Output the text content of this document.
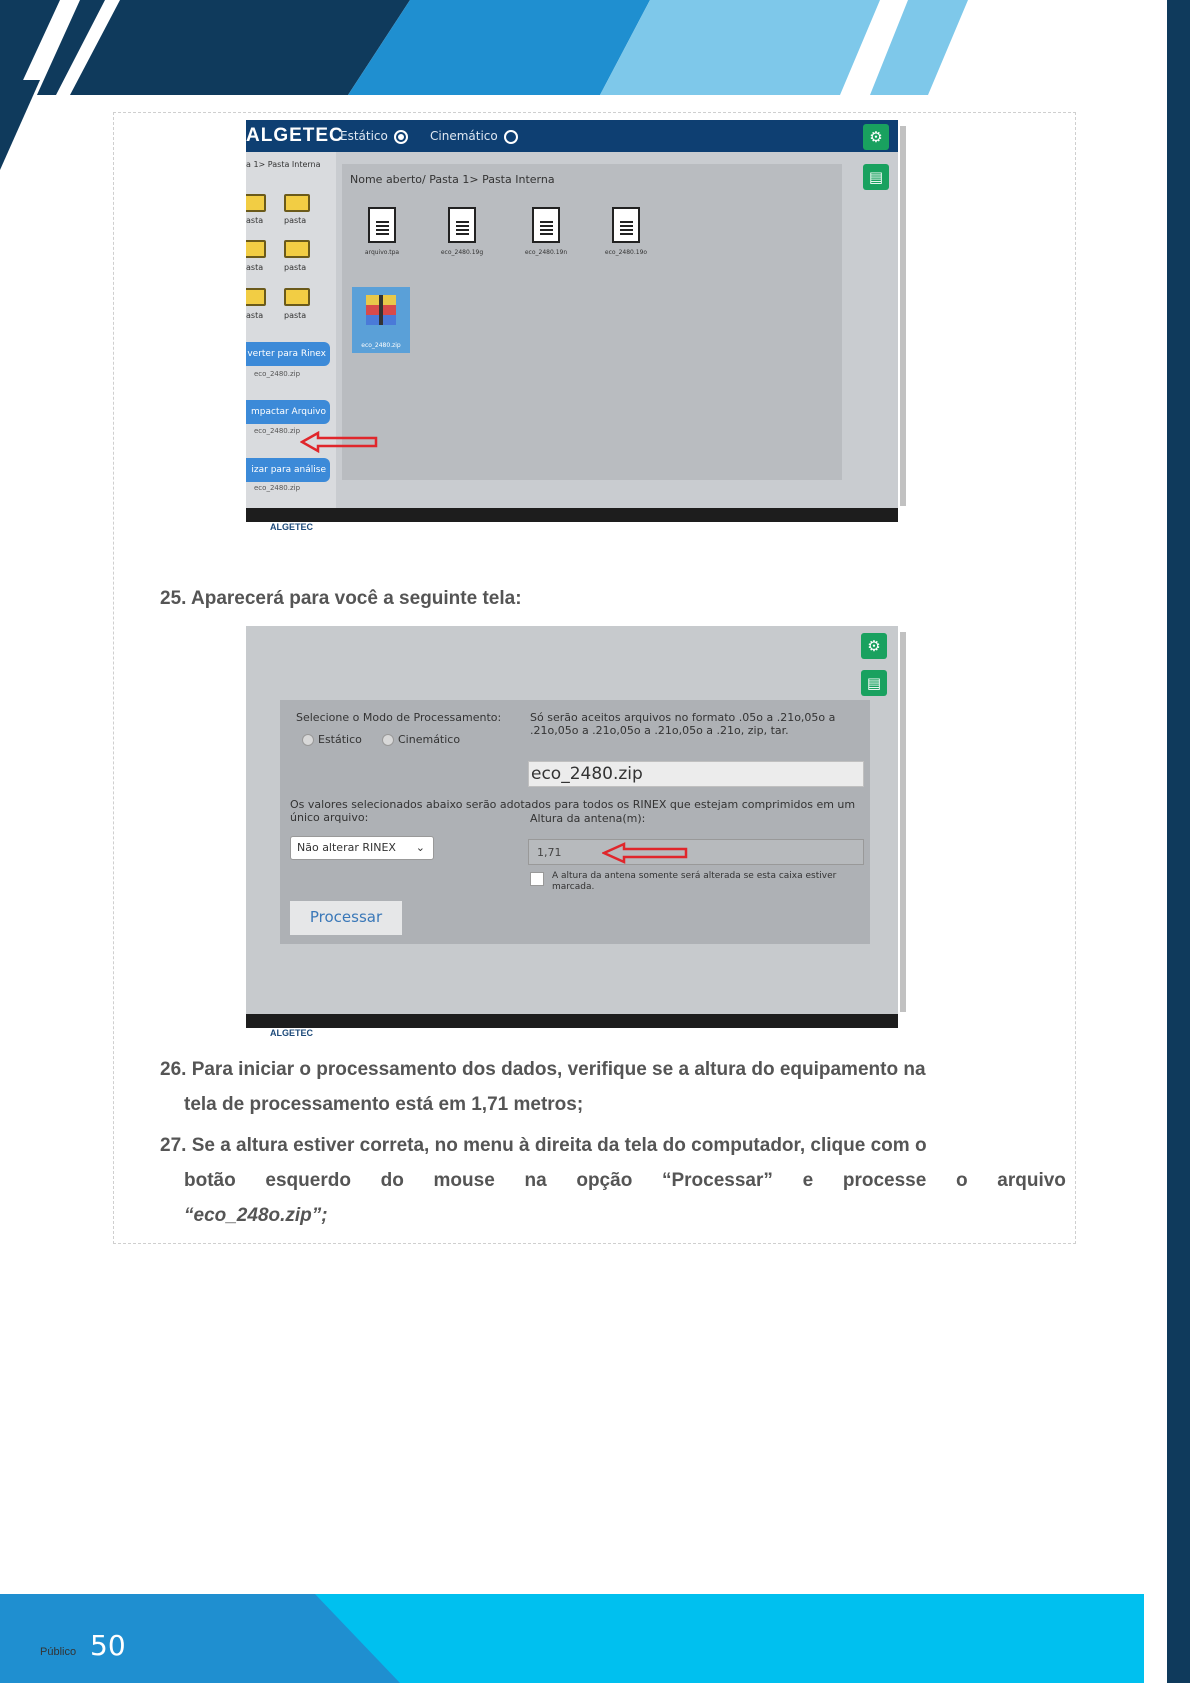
ALGETEC
Estático	Cinemático	⚙
▤
a 1> Pasta Interna
asta	pasta
asta	pasta
asta	pasta
verter para Rinex
eco_2480.zip
mpactar Arquivo
eco_2480.zip
izar para análise
eco_2480.zip
Nome aberto/ Pasta 1> Pasta Interna
arquivo.tpa	eco_2480.19g	eco_2480.19n	eco_2480.19o
eco_2480.zip
ALGETEC
25. Aparecerá para você a seguinte tela:
⚙
▤
Selecione o Modo de Processamento:
Estático	Cinemático
Só serão aceitos arquivos no formato .05o a .21o,05o a .21o,05o a .21o,05o a .21o,05o a .21o, zip, tar.
eco_2480.zip
Os valores selecionados abaixo serão adotados para todos os RINEX que estejam comprimidos em um único arquivo:	Altura da antena(m):
Não alterar RINEX ⌄	1,71
A altura da antena somente será alterada se esta caixa estiver marcada.
Processar
ALGETEC
26. Para iniciar o processamento dos dados, verifique se a altura do equipamento na
tela de processamento está em 1,71 metros;
27. Se a altura estiver correta, no menu à direita da tela do computador, clique com o
botão esquerdo do mouse na opção “Processar” e processe o arquivo
“eco_248o.zip”;
Público 50
